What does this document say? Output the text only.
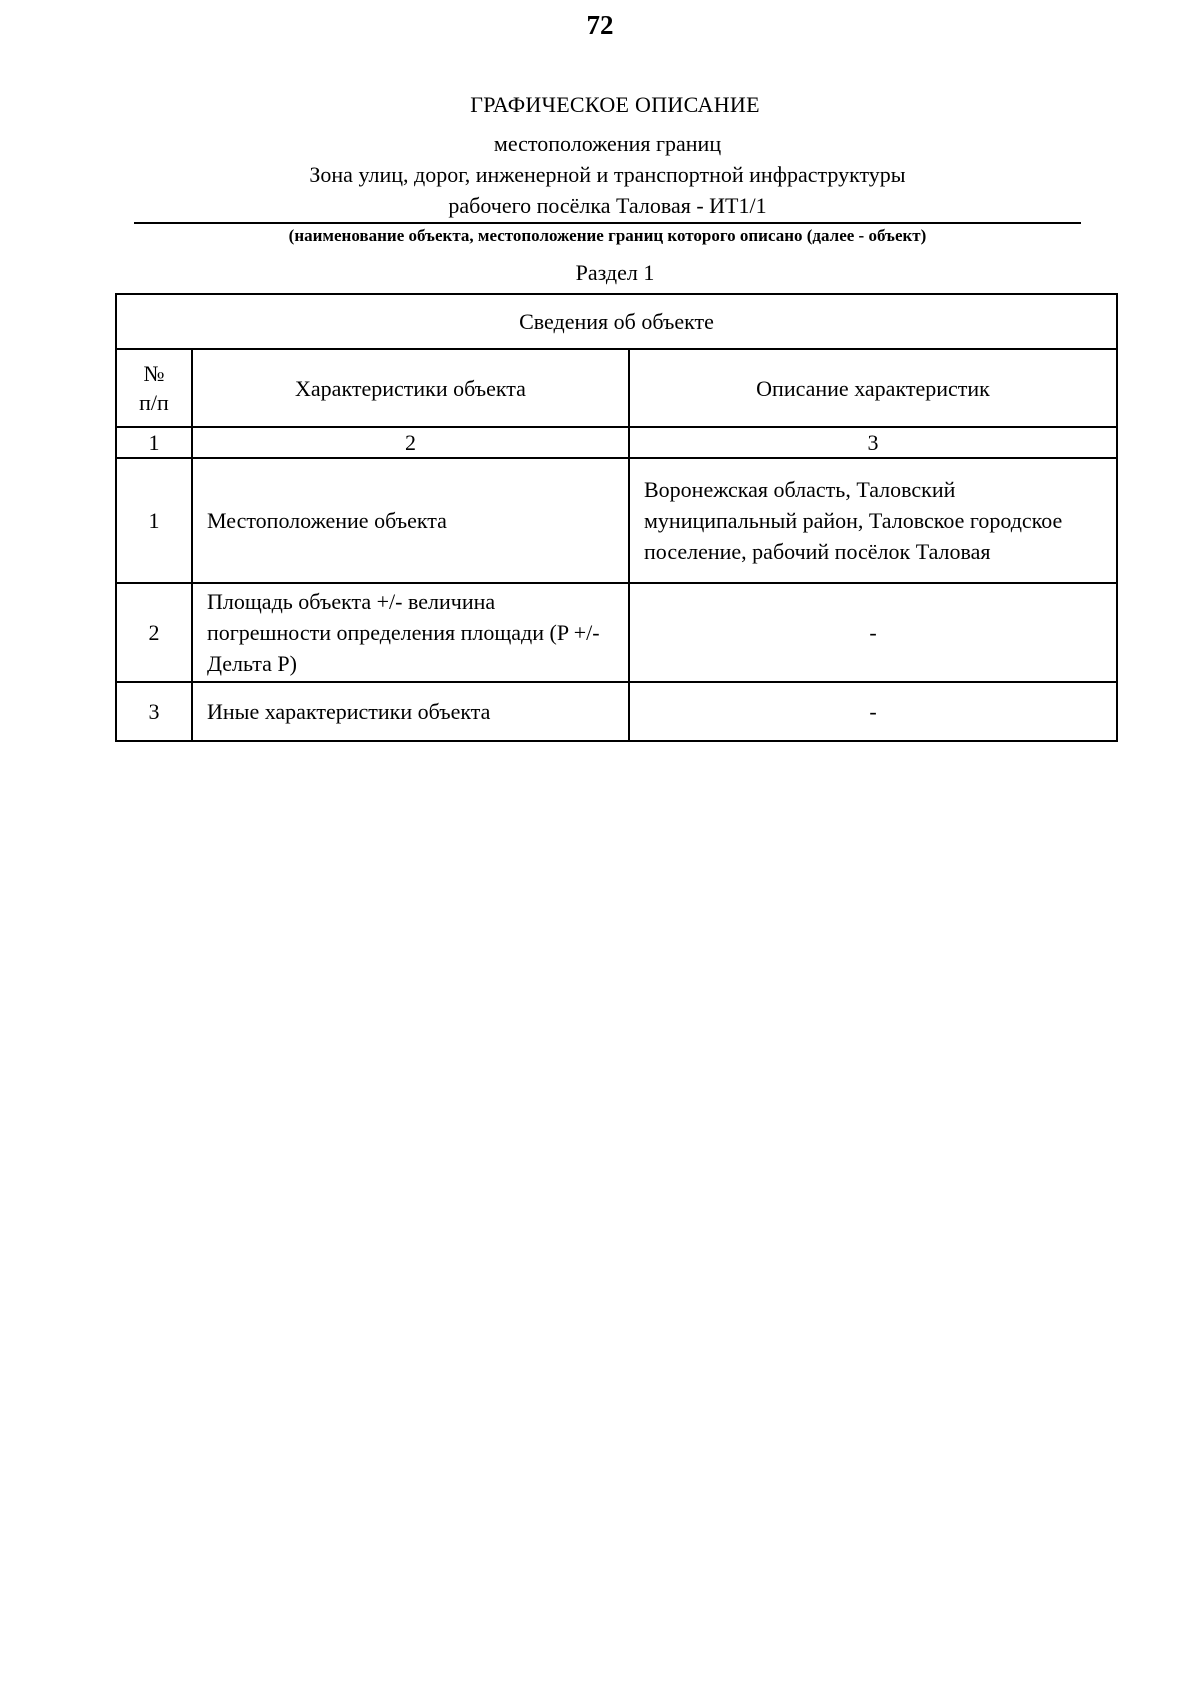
72
ГРАФИЧЕСКОЕ ОПИСАНИЕ
местоположения границ
Зона улиц, дорог, инженерной и транспортной инфраструктуры
рабочего посёлка Таловая - ИТ1/1
(наименование объекта, местоположение границ которого описано (далее - объект)
Раздел 1
Сведения об объекте		

№
п/п	Характеристики объекта	Описание характеристик
1	2	3
1	Местоположение объекта	Воронежская область, Таловский муниципальный район, Таловское городское поселение, рабочий посёлок Таловая
2	Площадь объекта +/- величина погрешности определения площади (P +/- Дельта P)	-
3	Иные характеристики объекта	-
